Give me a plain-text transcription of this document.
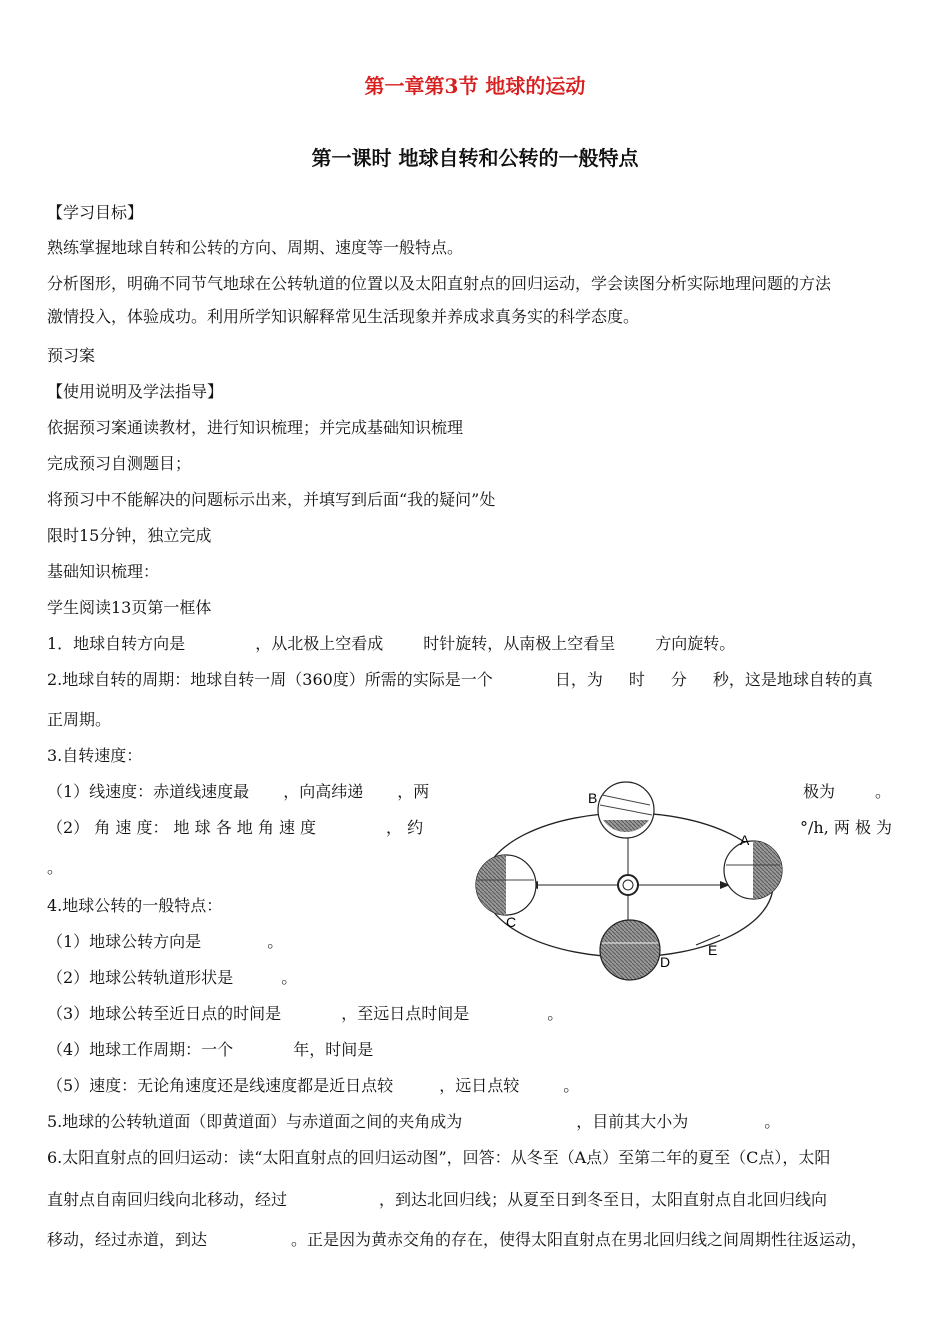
第一章第3节 地球的运动
第一课时 地球自转和公转的一般特点
【学习目标】
熟练掌握地球自转和公转的方向、周期、速度等一般特点。
分析图形，明确不同节气地球在公转轨道的位置以及太阳直射点的回归运动，学会读图分析实际地理问题的方法
激情投入，体验成功。利用所学知识解释常见生活现象并养成求真务实的科学态度。
预习案
【使用说明及学法指导】
依据预习案通读教材，进行知识梳理；并完成基础知识梳理
完成预习自测题目；
将预习中不能解决的问题标示出来，并填写到后面“我的疑问”处
限时15分钟，独立完成
基础知识梳理：
学生阅读13页第一框体
1．地球自转方向是	，从北极上空看成	时针旋转，从南极上空看呈	方向旋转。
2.地球自转的周期：地球自转一周（360度）所需的实际是一个	日，为 时 分 秒，这是地球自转的真
正周期。
3.自转速度：
（1）线速度：赤道线速度最 ，向高纬递 ，两	极为	。
（2） 角 速 度： 地 球 各 地 角 速 度	， 约	°/h, 两 极 为
。
4.地球公转的一般特点：
（1）地球公转方向是	。
（2）地球公转轨道形状是	。
（3）地球公转至近日点的时间是	，至远日点时间是	。
（4）地球工作周期：一个	年，时间是
（5）速度：无论角速度还是线速度都是近日点较	，远日点较	。
5.地球的公转轨道面（即黄道面）与赤道面之间的夹角成为	，目前其大小为	。
6.太阳直射点的回归运动：读“太阳直射点的回归运动图”，回答：从冬至（A点）至第二年的夏至（C点），太阳
直射点自南回归线向北移动，经过	，到达北回归线；从夏至日到冬至日，太阳直射点自北回归线向
移动，经过赤道，到达	。正是因为黄赤交角的存在，使得太阳直射点在男北回归线之间周期性往返运动，
B
A
C
D
E
